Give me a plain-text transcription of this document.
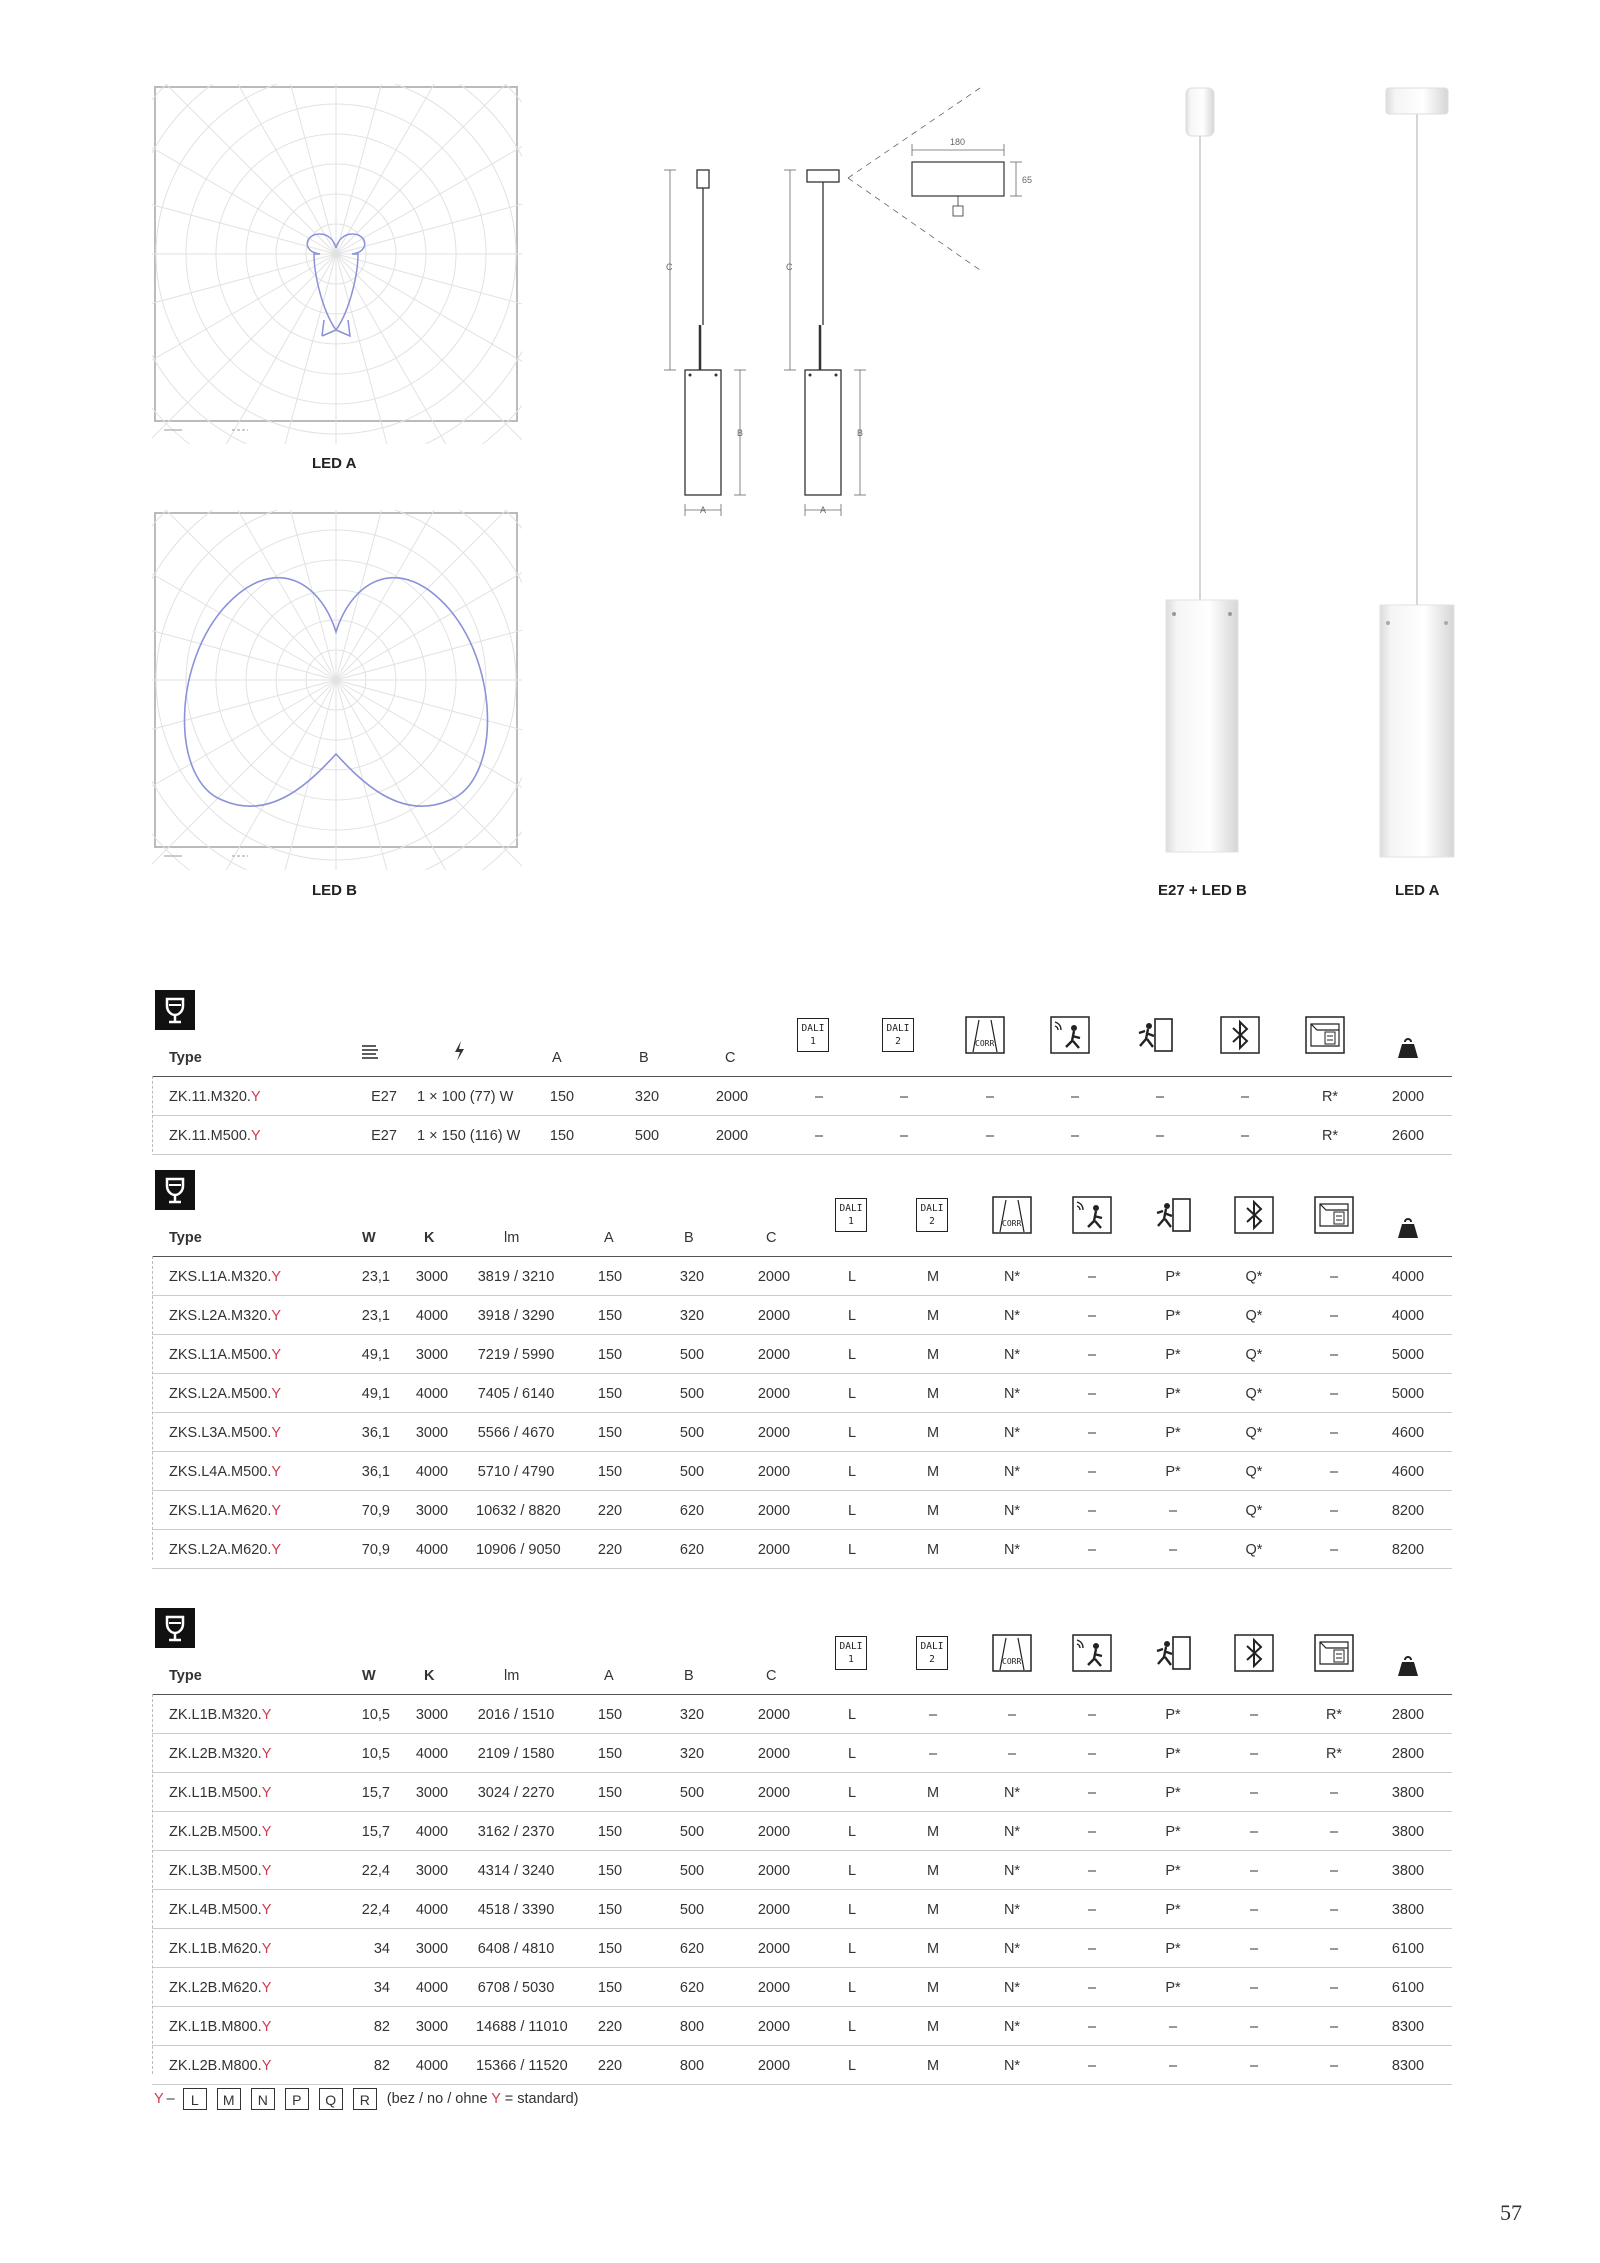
LED A
LED B
C	C
B	B
A	A
180
65
E27 + LED B	LED A
Type	A	B	C
DALI
1
DALI
2	CORR
ZK.11.M320.Y	E27	1 × 100 (77) W	150	320	2000	–	–	–	–	–	–	R*	2000
ZK.11.M500.Y	E27	1 × 150 (116) W	150	500	2000	–	–	–	–	–	–	R*	2600
Type	W	K	lm	A	B	C
DALI
1
DALI
2	CORR
ZKS.L1A.M320.Y	23,1	3000	3819 / 3210	150	320	2000	L	M	N*	–	P*	Q*	–	4000
ZKS.L2A.M320.Y	23,1	4000	3918 / 3290	150	320	2000	L	M	N*	–	P*	Q*	–	4000
ZKS.L1A.M500.Y	49,1	3000	7219 / 5990	150	500	2000	L	M	N*	–	P*	Q*	–	5000
ZKS.L2A.M500.Y	49,1	4000	7405 / 6140	150	500	2000	L	M	N*	–	P*	Q*	–	5000
ZKS.L3A.M500.Y	36,1	3000	5566 / 4670	150	500	2000	L	M	N*	–	P*	Q*	–	4600
ZKS.L4A.M500.Y	36,1	4000	5710 / 4790	150	500	2000	L	M	N*	–	P*	Q*	–	4600
ZKS.L1A.M620.Y	70,9	3000	10632 / 8820	220	620	2000	L	M	N*	–	–	Q*	–	8200
ZKS.L2A.M620.Y	70,9	4000	10906 / 9050	220	620	2000	L	M	N*	–	–	Q*	–	8200
Type	W	K	lm	A	B	C
DALI
1
DALI
2	CORR
ZK.L1B.M320.Y	10,5	3000	2016 / 1510	150	320	2000	L	–	–	–	P*	–	R*	2800
ZK.L2B.M320.Y	10,5	4000	2109 / 1580	150	320	2000	L	–	–	–	P*	–	R*	2800
ZK.L1B.M500.Y	15,7	3000	3024 / 2270	150	500	2000	L	M	N*	–	P*	–	–	3800
ZK.L2B.M500.Y	15,7	4000	3162 / 2370	150	500	2000	L	M	N*	–	P*	–	–	3800
ZK.L3B.M500.Y	22,4	3000	4314 / 3240	150	500	2000	L	M	N*	–	P*	–	–	3800
ZK.L4B.M500.Y	22,4	4000	4518 / 3390	150	500	2000	L	M	N*	–	P*	–	–	3800
ZK.L1B.M620.Y	34	3000	6408 / 4810	150	620	2000	L	M	N*	–	P*	–	–	6100
ZK.L2B.M620.Y	34	4000	6708 / 5030	150	620	2000	L	M	N*	–	P*	–	–	6100
ZK.L1B.M800.Y	82	3000	14688 / 11010	220	800	2000	L	M	N*	–	–	–	–	8300
ZK.L2B.M800.Y	82	4000	15366 / 11520	220	800	2000	L	M	N*	–	–	–	–	8300
Y –	L	M	N	P	Q	R	(bez / no / ohne Y = standard)
57
